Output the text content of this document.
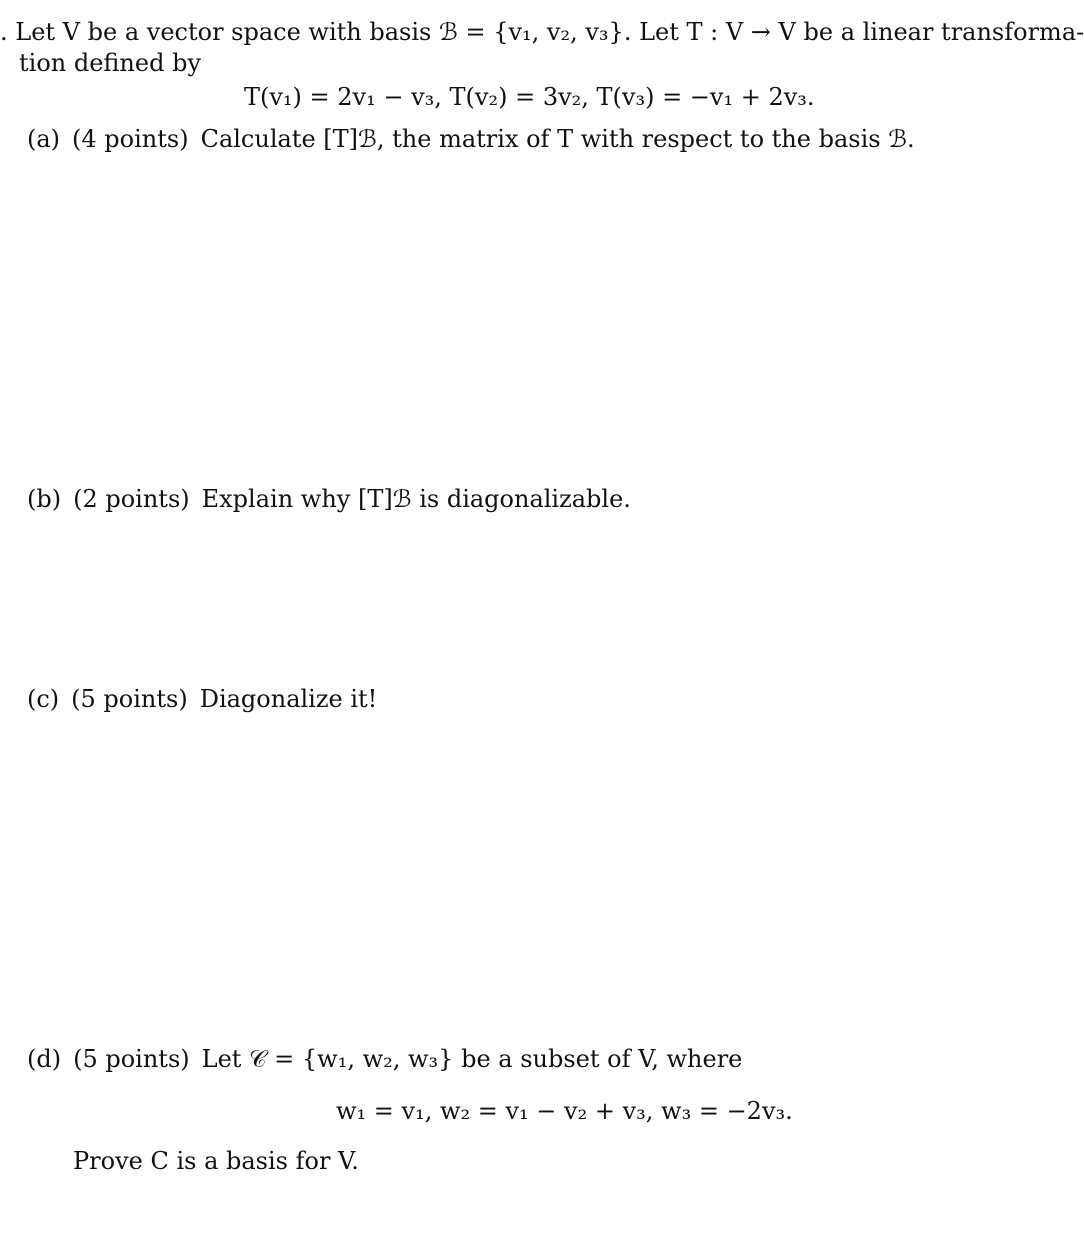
. Let V be a vector space with basis ℬ = {v₁, v₂, v₃}. Let T : V → V be a linear transforma-
tion defined by
T(v₁) = 2v₁ − v₃, T(v₂) = 3v₂, T(v₃) = −v₁ + 2v₃.
(a) (4 points) Calculate [T]ℬ, the matrix of T with respect to the basis ℬ.
(b) (2 points) Explain why [T]ℬ is diagonalizable.
(c) (5 points) Diagonalize it!
(d) (5 points) Let 𝒞 = {w₁, w₂, w₃} be a subset of V, where
w₁ = v₁, w₂ = v₁ − v₂ + v₃, w₃ = −2v₃.
Prove C is a basis for V.
